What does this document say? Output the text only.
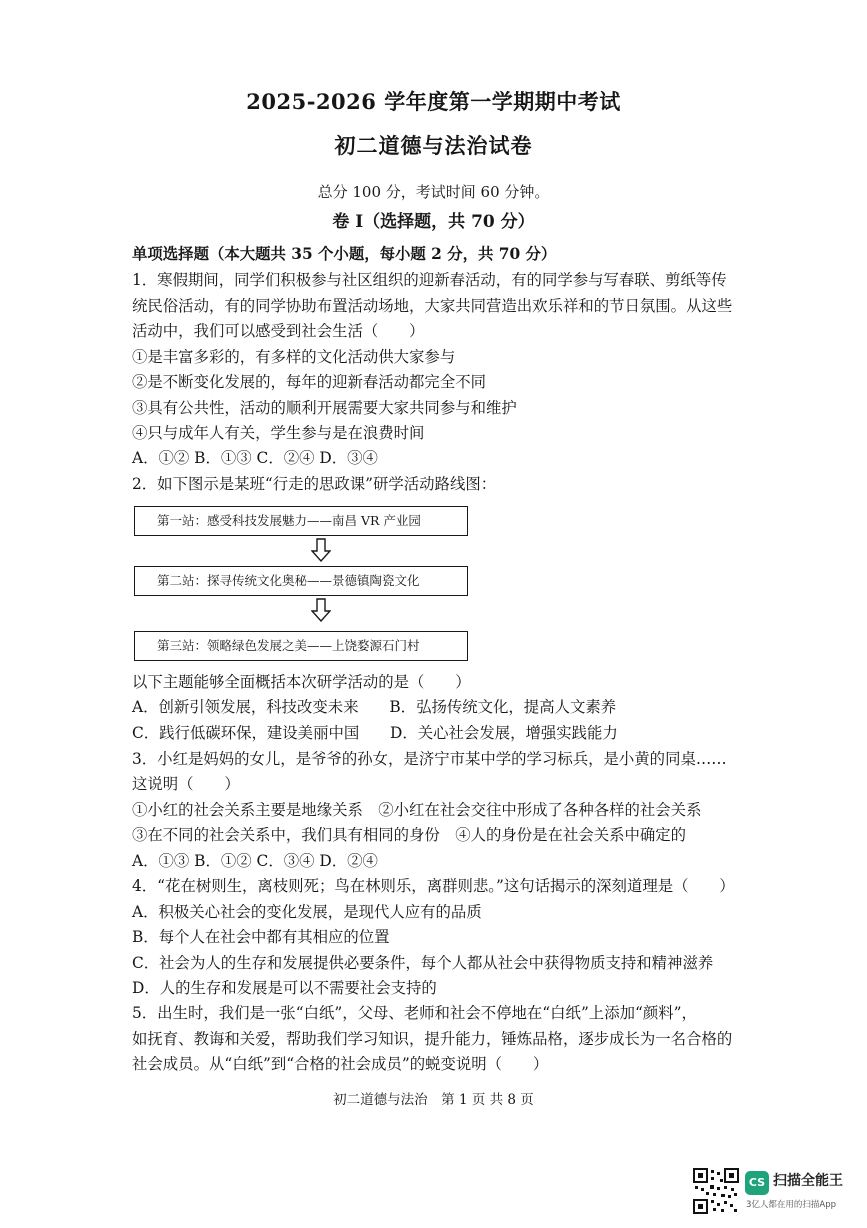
2025-2026 学年度第一学期期中考试
初二道德与法治试卷
总分 100 分，考试时间 60 分钟。
卷 I（选择题，共 70 分）
单项选择题（本大题共 35 个小题，每小题 2 分，共 70 分）
1．寒假期间，同学们积极参与社区组织的迎新春活动，有的同学参与写春联、剪纸等传
统民俗活动，有的同学协助布置活动场地，大家共同营造出欢乐祥和的节日氛围。从这些
活动中，我们可以感受到社会生活（　　）
①是丰富多彩的，有多样的文化活动供大家参与
②是不断变化发展的，每年的迎新春活动都完全不同
③具有公共性，活动的顺利开展需要大家共同参与和维护
④只与成年人有关，学生参与是在浪费时间
A．①② B．①③ C．②④ D．③④
2．如下图示是某班“行走的思政课”研学活动路线图：
第一站：感受科技发展魅力——南昌 VR 产业园
第二站：探寻传统文化奥秘——景德镇陶瓷文化
第三站：领略绿色发展之美——上饶婺源石门村
以下主题能够全面概括本次研学活动的是（　　）
A．创新引领发展，科技改变未来　　B．弘扬传统文化，提高人文素养
C．践行低碳环保，建设美丽中国　　D．关心社会发展，增强实践能力
3．小红是妈妈的女儿，是爷爷的孙女，是济宁市某中学的学习标兵，是小黄的同桌……
这说明（　　）
①小红的社会关系主要是地缘关系　②小红在社会交往中形成了各种各样的社会关系
③在不同的社会关系中，我们具有相同的身份　④人的身份是在社会关系中确定的
A．①③ B．①② C．③④ D．②④
4．“花在树则生，离枝则死；鸟在林则乐，离群则悲。”这句话揭示的深刻道理是（　　）
A．积极关心社会的变化发展，是现代人应有的品质
B．每个人在社会中都有其相应的位置
C．社会为人的生存和发展提供必要条件，每个人都从社会中获得物质支持和精神滋养
D．人的生存和发展是可以不需要社会支持的
5．出生时，我们是一张“白纸”，父母、老师和社会不停地在“白纸”上添加“颜料”，
如抚育、教诲和关爱，帮助我们学习知识，提升能力，锤炼品格，逐步成长为一名合格的
社会成员。从“白纸”到“合格的社会成员”的蜕变说明（　　）
初二道德与法治　第 1 页 共 8 页
CS 扫描全能王
3亿人都在用的扫描App
